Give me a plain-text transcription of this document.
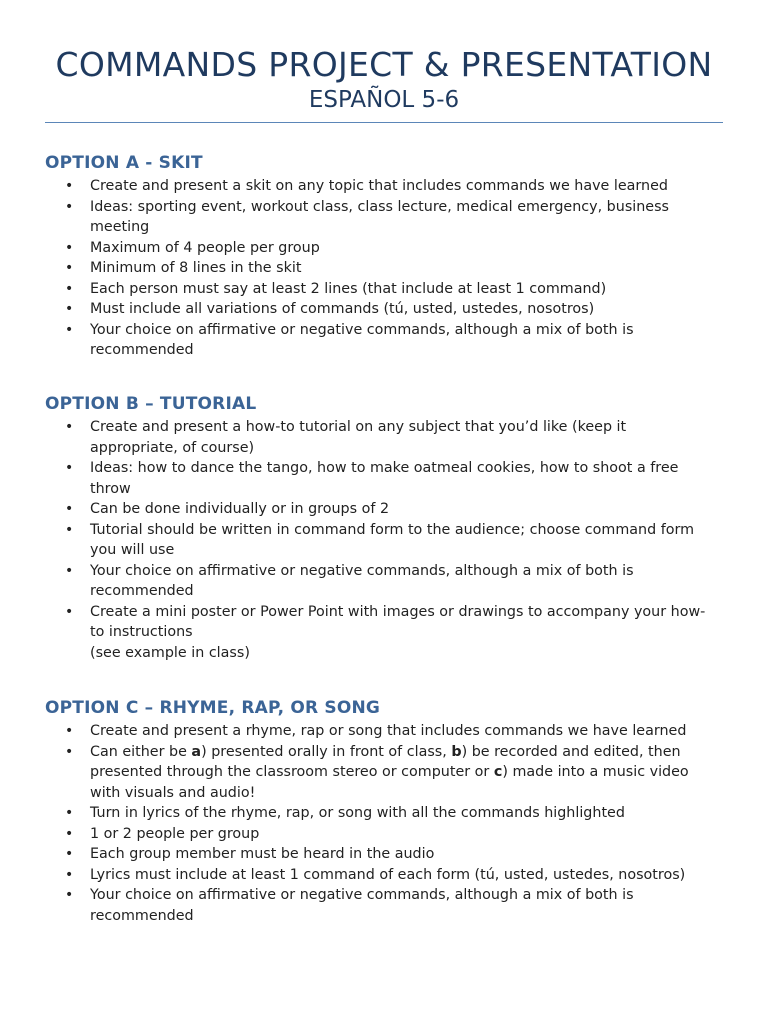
COMMANDS PROJECT & PRESENTATION
ESPAÑOL 5-6
OPTION A - SKIT
• Create and present a skit on any topic that includes commands we have learned
• Ideas: sporting event, workout class, class lecture, medical emergency, business meeting
• Maximum of 4 people per group
• Minimum of 8 lines in the skit
• Each person must say at least 2 lines (that include at least 1 command)
• Must include all variations of commands (tú, usted, ustedes, nosotros)
• Your choice on affirmative or negative commands, although a mix of both is recommended
OPTION B – TUTORIAL
• Create and present a how-to tutorial on any subject that you’d like (keep it appropriate, of course)
• Ideas: how to dance the tango, how to make oatmeal cookies, how to shoot a free throw
• Can be done individually or in groups of 2
• Tutorial should be written in command form to the audience; choose command form you will use
• Your choice on affirmative or negative commands, although a mix of both is recommended
• Create a mini poster or Power Point with images or drawings to accompany your how-to instructions
(see example in class)
OPTION C – RHYME, RAP, OR SONG
• Create and present a rhyme, rap or song that includes commands we have learned
• Can either be a) presented orally in front of class, b) be recorded and edited, then presented through the classroom stereo or computer or c) made into a music video with visuals and audio!
• Turn in lyrics of the rhyme, rap, or song with all the commands highlighted
• 1 or 2 people per group
• Each group member must be heard in the audio
• Lyrics must include at least 1 command of each form (tú, usted, ustedes, nosotros)
• Your choice on affirmative or negative commands, although a mix of both is recommended
